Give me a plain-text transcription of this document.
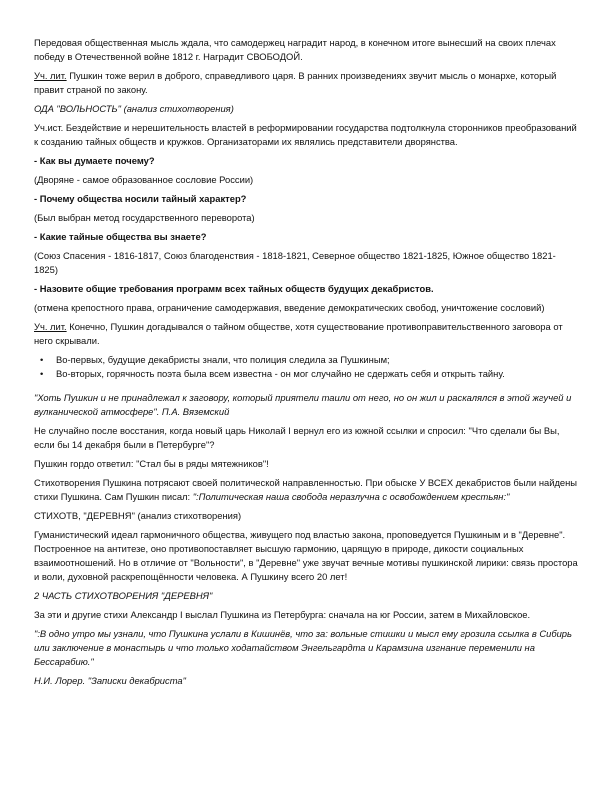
Передовая общественная мысль ждала, что самодержец наградит народ, в конечном итоге вынесший на своих плечах победу в Отечественной войне 1812 г. Наградит СВОБОДОЙ.

Уч. лит. Пушкин тоже верил в доброго, справедливого царя. В ранних произведениях звучит мысль о монархе, который правит страной по закону.

ОДА "ВОЛЬНОСТЬ" (анализ стихотворения)

Уч.ист. Бездействие и нерешительность властей в реформировании государства подтолкнула сторонников преобразований к созданию тайных обществ и кружков. Организаторами их являлись представители дворянства.

- Как вы думаете почему?

(Дворяне - самое образованное сословие России)

- Почему общества носили тайный характер?

(Был выбран метод государственного переворота)

- Какие тайные общества вы знаете?

(Союз Спасения - 1816-1817, Союз благоденствия - 1818-1821, Северное общество 1821-1825, Южное общество 1821-1825)

- Назовите общие требования программ всех тайных обществ будущих декабристов.

(отмена крепостного права, ограничение самодержавия, введение демократических свобод, уничтожение сословий)

Уч. лит. Конечно, Пушкин догадывался о тайном обществе, хотя существование противоправительственного заговора от него скрывали.

• Во-первых, будущие декабристы знали, что полиция следила за Пушкиным;
• Во-вторых, горячность поэта была всем известна - он мог случайно не сдержать себя и открыть тайну.

"Хоть Пушкин и не принадлежал к заговору, который приятели таили от него, но он жил и раскалялся в этой жгучей и вулканической атмосфере". П.А. Вяземский

Не случайно после восстания, когда новый царь Николай I вернул его из южной ссылки и спросил: "Что сделали бы Вы, если бы 14 декабря были в Петербурге"?

Пушкин гордо ответил: "Стал бы в ряды мятежников"!

Стихотворения Пушкина потрясают своей политической направленностью. При обыске У ВСЕХ декабристов были найдены стихи Пушкина. Сам Пушкин писал: ":Политическая наша свобода неразлучна с освобождением крестьян:"

СТИХОТВ, "ДЕРЕВНЯ" (анализ стихотворения)

Гуманистический идеал гармоничного общества, живущего под властью закона, проповедуется Пушкиным и в "Деревне". Построенное на антитезе, оно противопоставляет высшую гармонию, царящую в природе, дикости социальных взаимоотношений. Но в отличие от "Вольности", в "Деревне" уже звучат вечные мотивы пушкинской лирики: связь простора и воли, духовной раскрепощённости человека. А Пушкину всего 20 лет!

2 ЧАСТЬ СТИХОТВОРЕНИЯ "ДЕРЕВНЯ"

За эти и другие стихи Александр I выслал Пушкина из Петербурга: сначала на юг России, затем в Михайловское.

":В одно утро мы узнали, что Пушкина услали в Кишинёв, что за: вольные стишки и мысл ему грозила ссылка в Сибирь или заключение в монастырь и что только ходатайством Энгельгардта и Карамзина изгнание переменили на Бессарабию."

Н.И. Лорер. "Записки декабриста"
